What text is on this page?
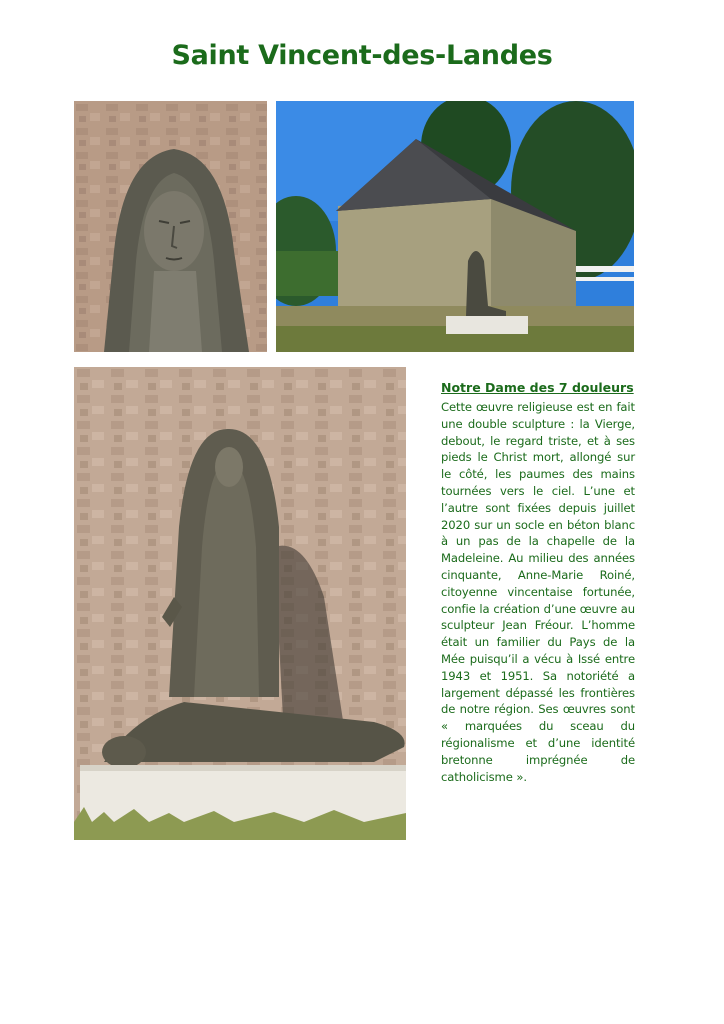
Saint Vincent-des-Landes
Notre Dame des 7 douleurs

Cette œuvre religieuse est en fait une double sculpture : la Vierge, debout, le regard triste, et à ses pieds le Christ mort, allongé sur le côté, les paumes des mains tournées vers le ciel. L’une et l’autre sont fixées depuis juillet 2020 sur un socle en béton blanc à un pas de la chapelle de la Madeleine. Au milieu des années cinquante, Anne-Marie Roiné, citoyenne vincentaise fortunée, confie la création d’une œuvre au sculpteur Jean Fréour. L’homme était un familier du Pays de la Mée puisqu’il a vécu à Issé entre 1943 et 1951. Sa notoriété a largement dépassé les frontières de notre région. Ses œuvres sont « marquées du sceau du régionalisme et d’une identité bretonne imprégnée de catholicisme ».
